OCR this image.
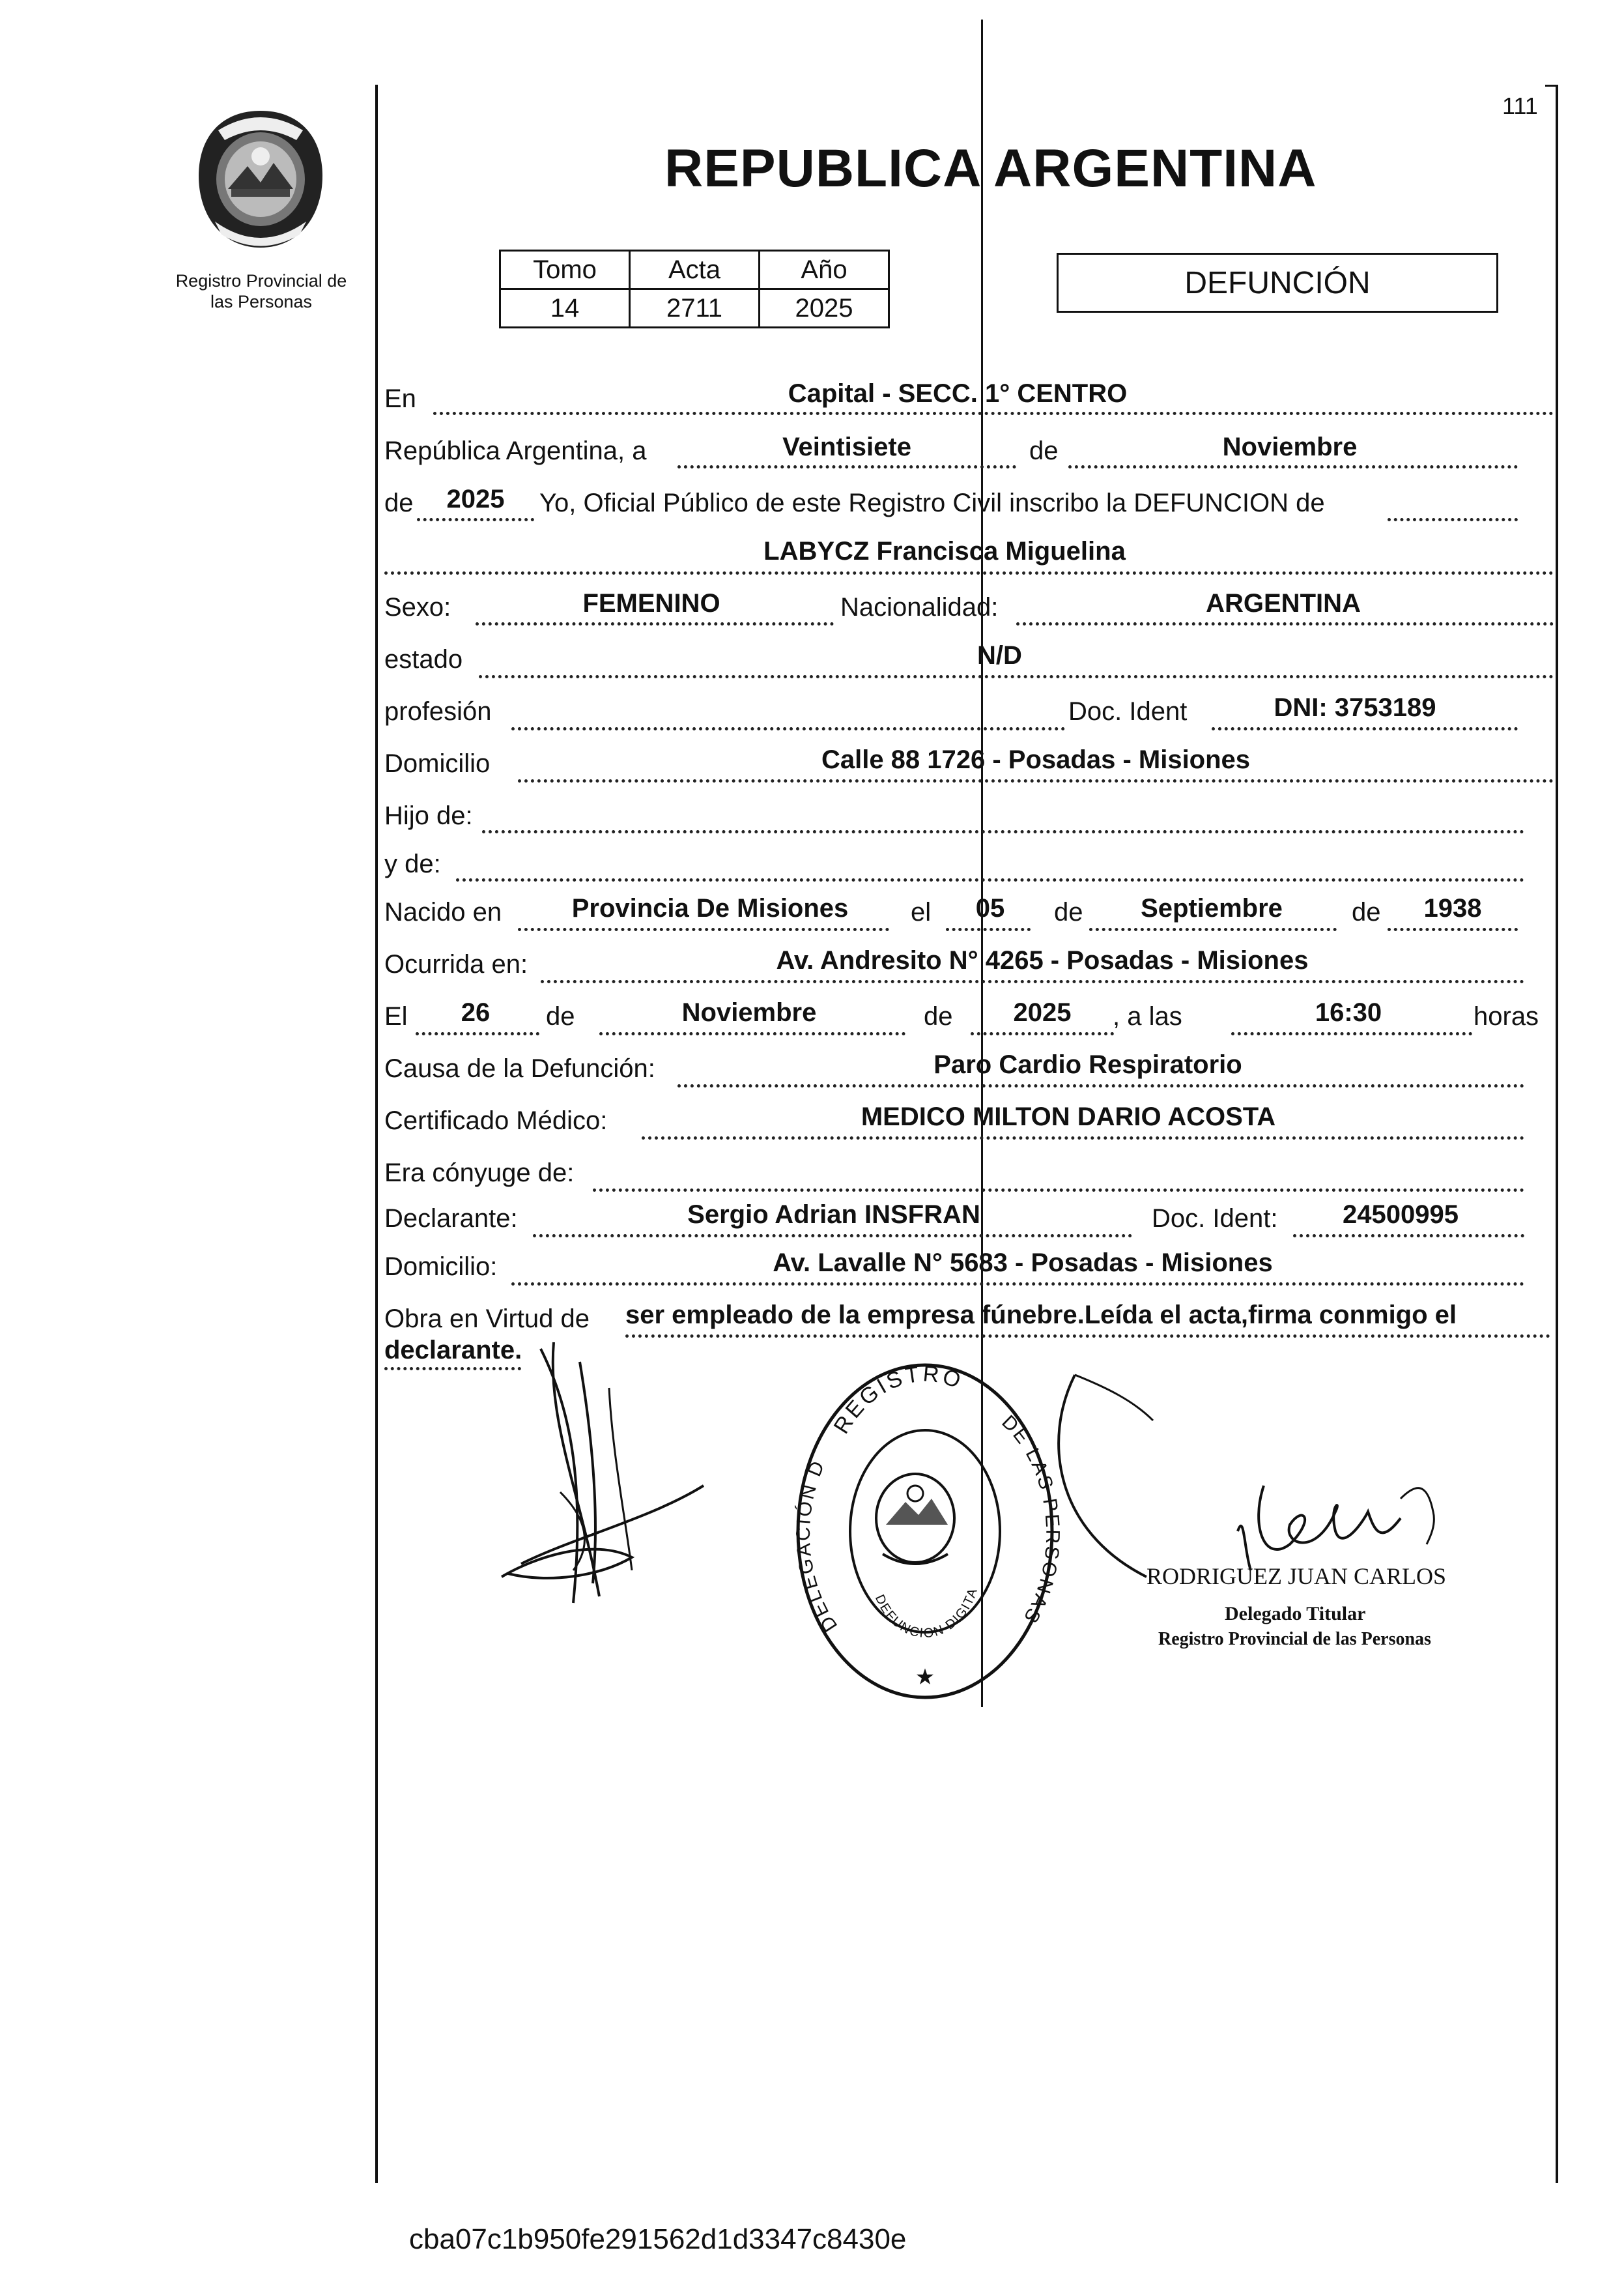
111
Registro Provincial de
las Personas
REPUBLICA ARGENTINA
Tomo	Acta	Año
14	2711	2025
DEFUNCIÓN
En	Capital - SECC. 1° CENTRO
República Argentina, a	Veintisiete	de	Noviembre
de	2025	Yo, Oficial Público de este Registro Civil inscribo la DEFUNCION de
LABYCZ Francisca Miguelina
Sexo:	FEMENINO	Nacionalidad:	ARGENTINA
estado	N/D
profesión	Doc. Ident	DNI: 3753189
Domicilio	Calle 88 1726 - Posadas - Misiones
Hijo de:
y de:
Nacido en	Provincia De Misiones	el	05	de	Septiembre	de	1938
Ocurrida en:	Av. Andresito N° 4265 - Posadas - Misiones
El	26	de	Noviembre	de	2025	, a las	16:30	horas
Causa de la Defunción:	Paro Cardio Respiratorio
Certificado Médico:	MEDICO MILTON DARIO ACOSTA
Era cónyuge de:
Declarante:	Sergio Adrian INSFRAN	Doc. Ident:	24500995
Domicilio:	Av. Lavalle N° 5683 - Posadas - Misiones
Obra en Virtud de ser empleado de la empresa fúnebre.Leída el acta,firma conmigo el
declarante.
REGISTRO
DELEGACIÓN D
DE LAS PERSONAS
DEFUNCION DIGITA
★
RODRIGUEZ JUAN CARLOS
Delegado Titular
Registro Provincial de las Personas
cba07c1b950fe291562d1d3347c8430e
